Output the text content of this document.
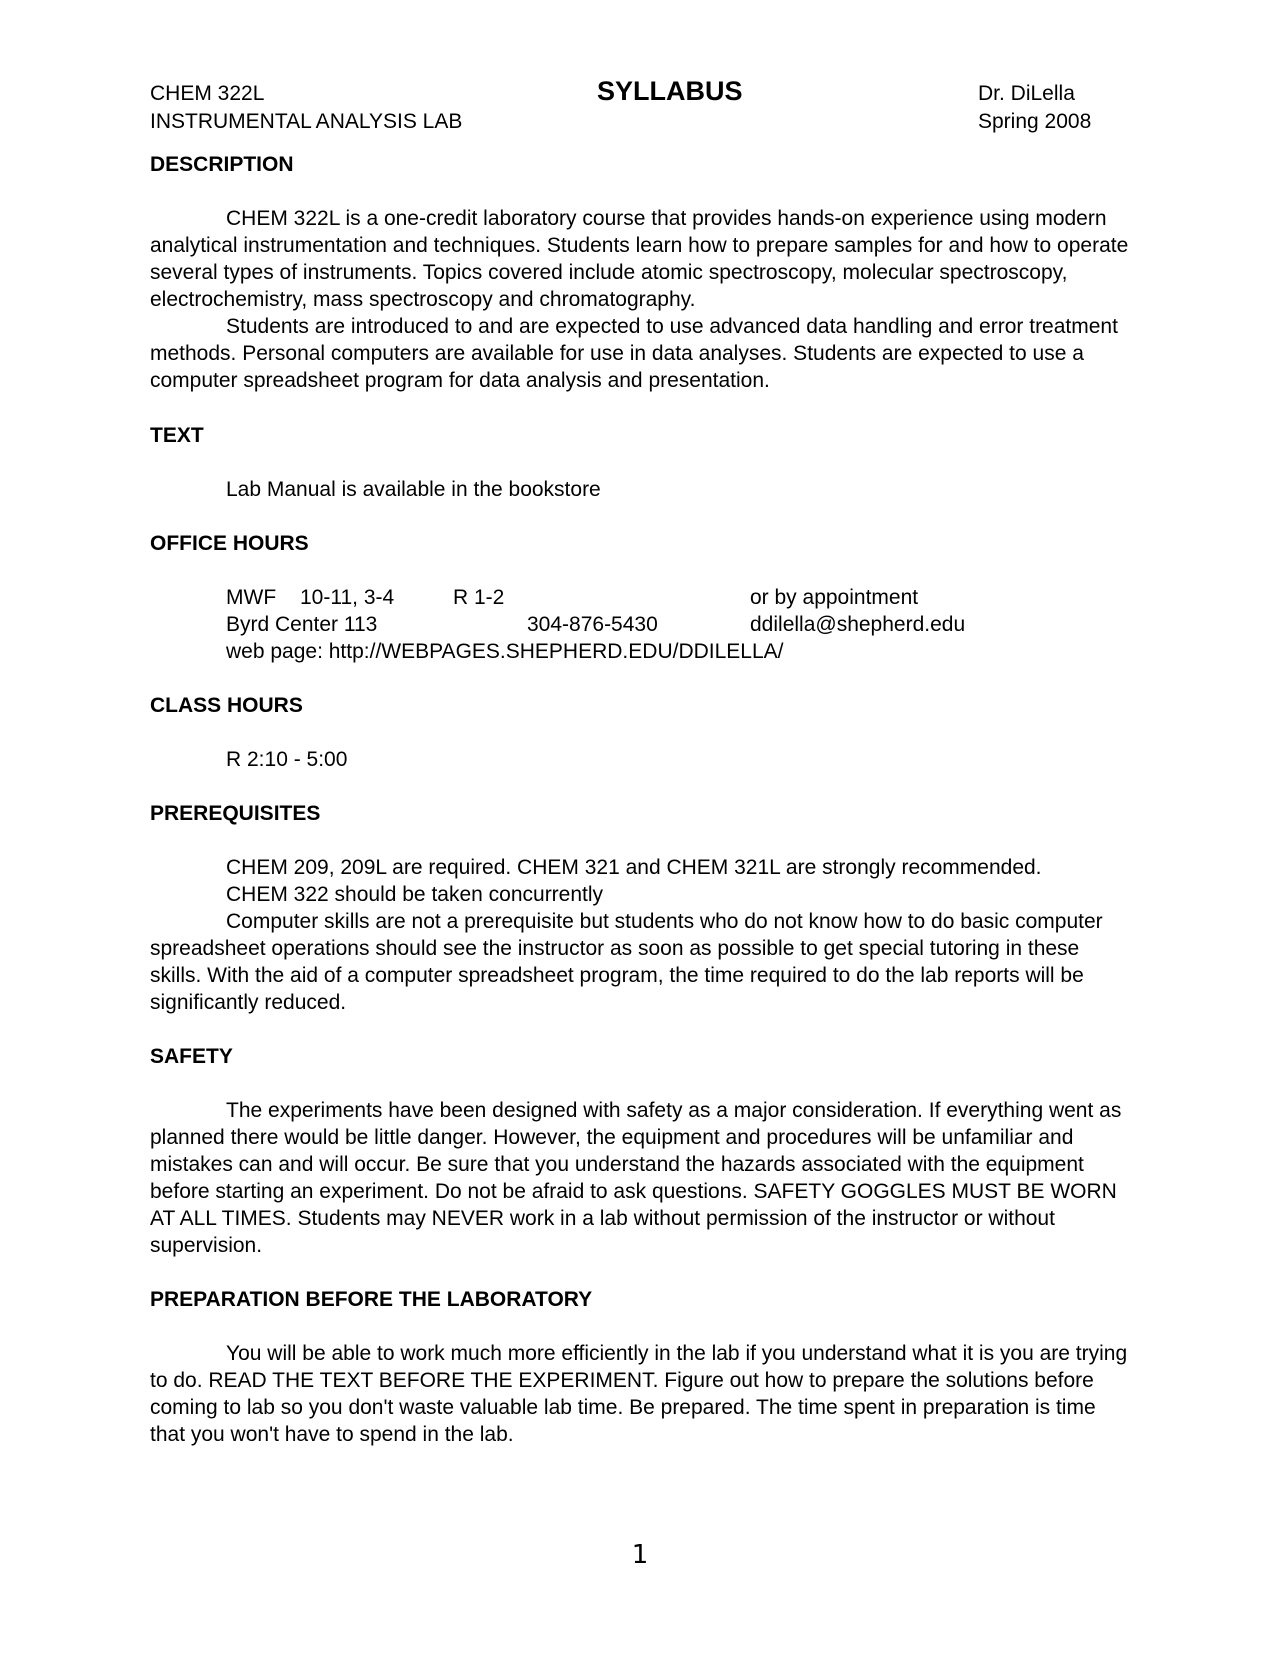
CHEM 322L
INSTRUMENTAL ANALYSIS LAB
SYLLABUS	Dr. DiLella
Spring 2008

DESCRIPTION

CHEM 322L is a one-credit laboratory course that provides hands-on experience using modern analytical instrumentation and techniques. Students learn how to prepare samples for and how to operate several types of instruments. Topics covered include atomic spectroscopy, molecular spectroscopy, electrochemistry, mass spectroscopy and chromatography.

Students are introduced to and are expected to use advanced data handling and error treatment methods. Personal computers are available for use in data analyses. Students are expected to use a computer spreadsheet program for data analysis and presentation.

TEXT

Lab Manual is available in the bookstore

OFFICE HOURS

MWF 10-11, 3-4	R 1-2	or by appointment
Byrd Center 113	304-876-5430	ddilella@shepherd.edu
web page: http://WEBPAGES.SHEPHERD.EDU/DDILELLA/

CLASS HOURS

R 2:10 - 5:00

PREREQUISITES

CHEM 209, 209L are required. CHEM 321 and CHEM 321L are strongly recommended.

CHEM 322 should be taken concurrently

Computer skills are not a prerequisite but students who do not know how to do basic computer spreadsheet operations should see the instructor as soon as possible to get special tutoring in these skills. With the aid of a computer spreadsheet program, the time required to do the lab reports will be significantly reduced.

SAFETY

The experiments have been designed with safety as a major consideration. If everything went as planned there would be little danger. However, the equipment and procedures will be unfamiliar and mistakes can and will occur. Be sure that you understand the hazards associated with the equipment before starting an experiment. Do not be afraid to ask questions. SAFETY GOGGLES MUST BE WORN AT ALL TIMES. Students may NEVER work in a lab without permission of the instructor or without supervision.

PREPARATION BEFORE THE LABORATORY

You will be able to work much more efficiently in the lab if you understand what it is you are trying to do. READ THE TEXT BEFORE THE EXPERIMENT. Figure out how to prepare the solutions before coming to lab so you don't waste valuable lab time. Be prepared. The time spent in preparation is time that you won't have to spend in the lab.

1
